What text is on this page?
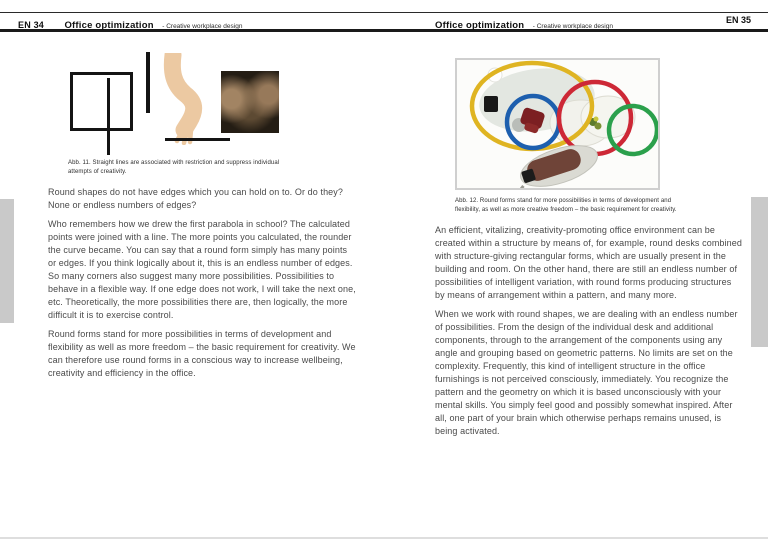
EN 34 Office optimization - Creative workplace design	Office optimization - Creative workplace design
EN 35
Abb. 11. Straight lines are associated with restriction and suppress individual attempts of creativity.

Round shapes do not have edges which you can hold on to. Or do they? None or endless numbers of edges?

Who remembers how we drew the first parabola in school? The calculated points were joined with a line. The more points you calculated, the rounder the curve became. You can say that a round form simply has many points or edges. If you think logically about it, this is an endless number of edges. So many corners also suggest many more possibilities. Possibilities to behave in a flexible way. If one edge does not work, I will take the next one, etc. Theoretically, the more possibilities there are, then logically, the more difficult it is to exercise control.

Round forms stand for more possibilities in terms of development and flexibility as well as more freedom – the basic requirement for creativity. We can therefore use round forms in a conscious way to increase wellbeing, creativity and efficiency in the office.

Abb. 12. Round forms stand for more possibilities in terms of development and flexibility, as well as more creative freedom – the basic requirement for creativity.

An efficient, vitalizing, creativity-promoting office environment can be created within a structure by means of, for example, round desks combined with structure-giving rectangular forms, which are usually present in the building and room. On the other hand, there are still an endless number of possibilities of intelligent variation, with round forms producing structures by means of arrangement within a pattern, and many more.

When we work with round shapes, we are dealing with an endless number of possibilities. From the design of the individual desk and additional components, through to the arrangement of the components using any angle and grouping based on geometric patterns. No limits are set on the complexity. Frequently, this kind of intelligent structure in the office furnishings is not perceived consciously, immediately. You recognize the pattern and the geometry on which it is based unconsciously with your mental skills. You simply feel good and possibly somewhat inspired. After all, one part of your brain which otherwise perhaps remains unused, is being activated.
